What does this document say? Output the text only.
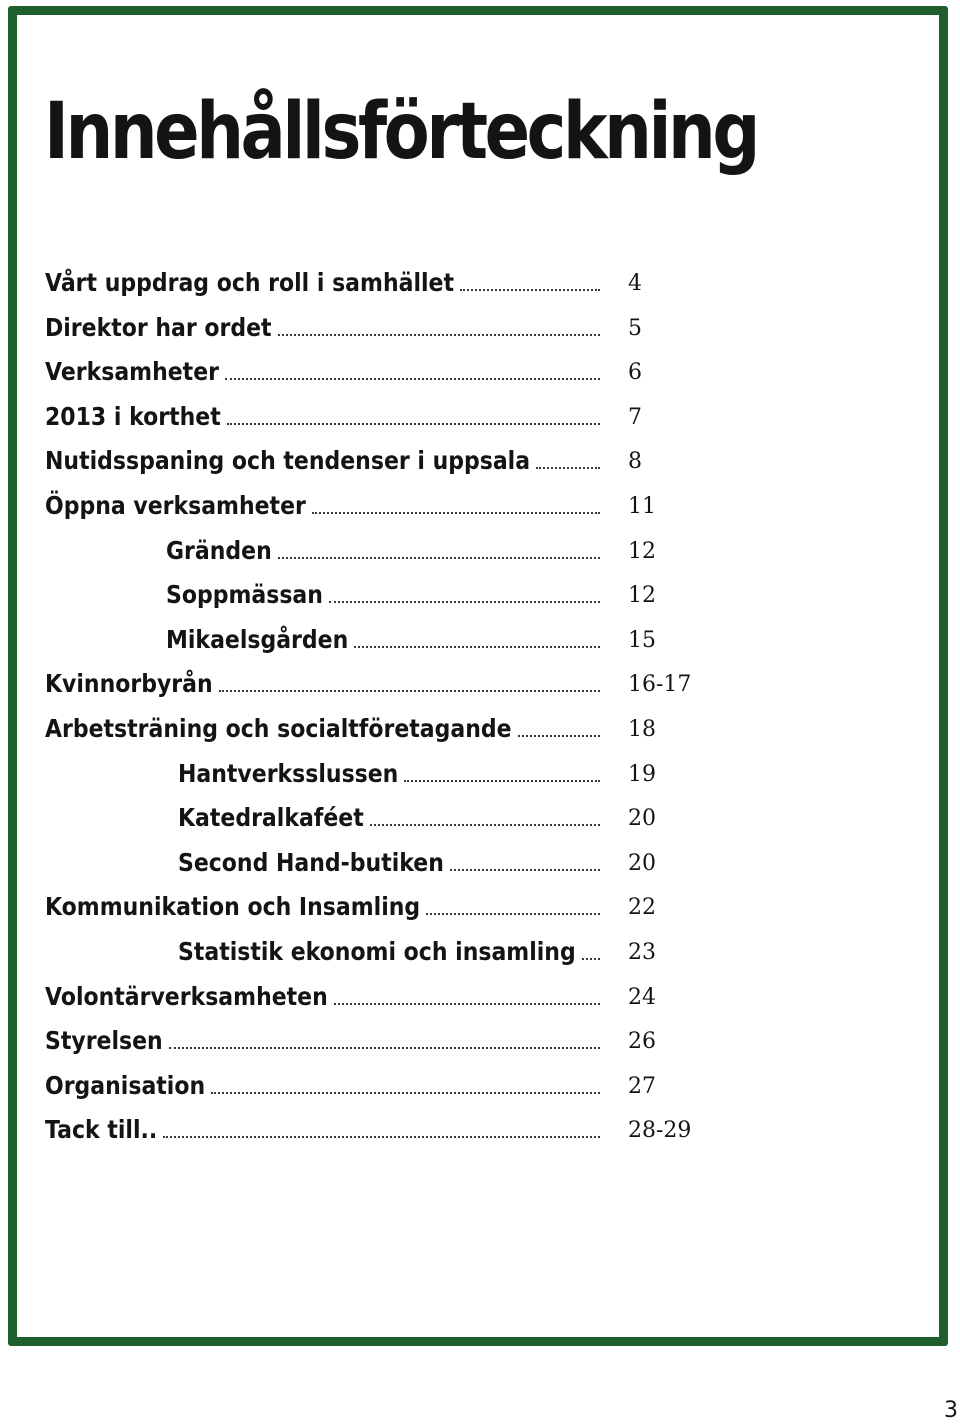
Innehållsförteckning
Vårt uppdrag och roll i samhället	4
Direktor har ordet	5
Verksamheter	6
2013 i korthet	7
Nutidsspaning och tendenser i uppsala	8
Öppna verksamheter	11
Gränden	12
Soppmässan	12
Mikaelsgården	15
Kvinnorbyrån	16-17
Arbetsträning och socialtföretagande	18
Hantverksslussen	19
Katedralkaféet	20
Second Hand-butiken	20
Kommunikation och Insamling	22
Statistik ekonomi och insamling 23
Volontärverksamheten	24
Styrelsen	26
Organisation	27
Tack till..	28-29
3
